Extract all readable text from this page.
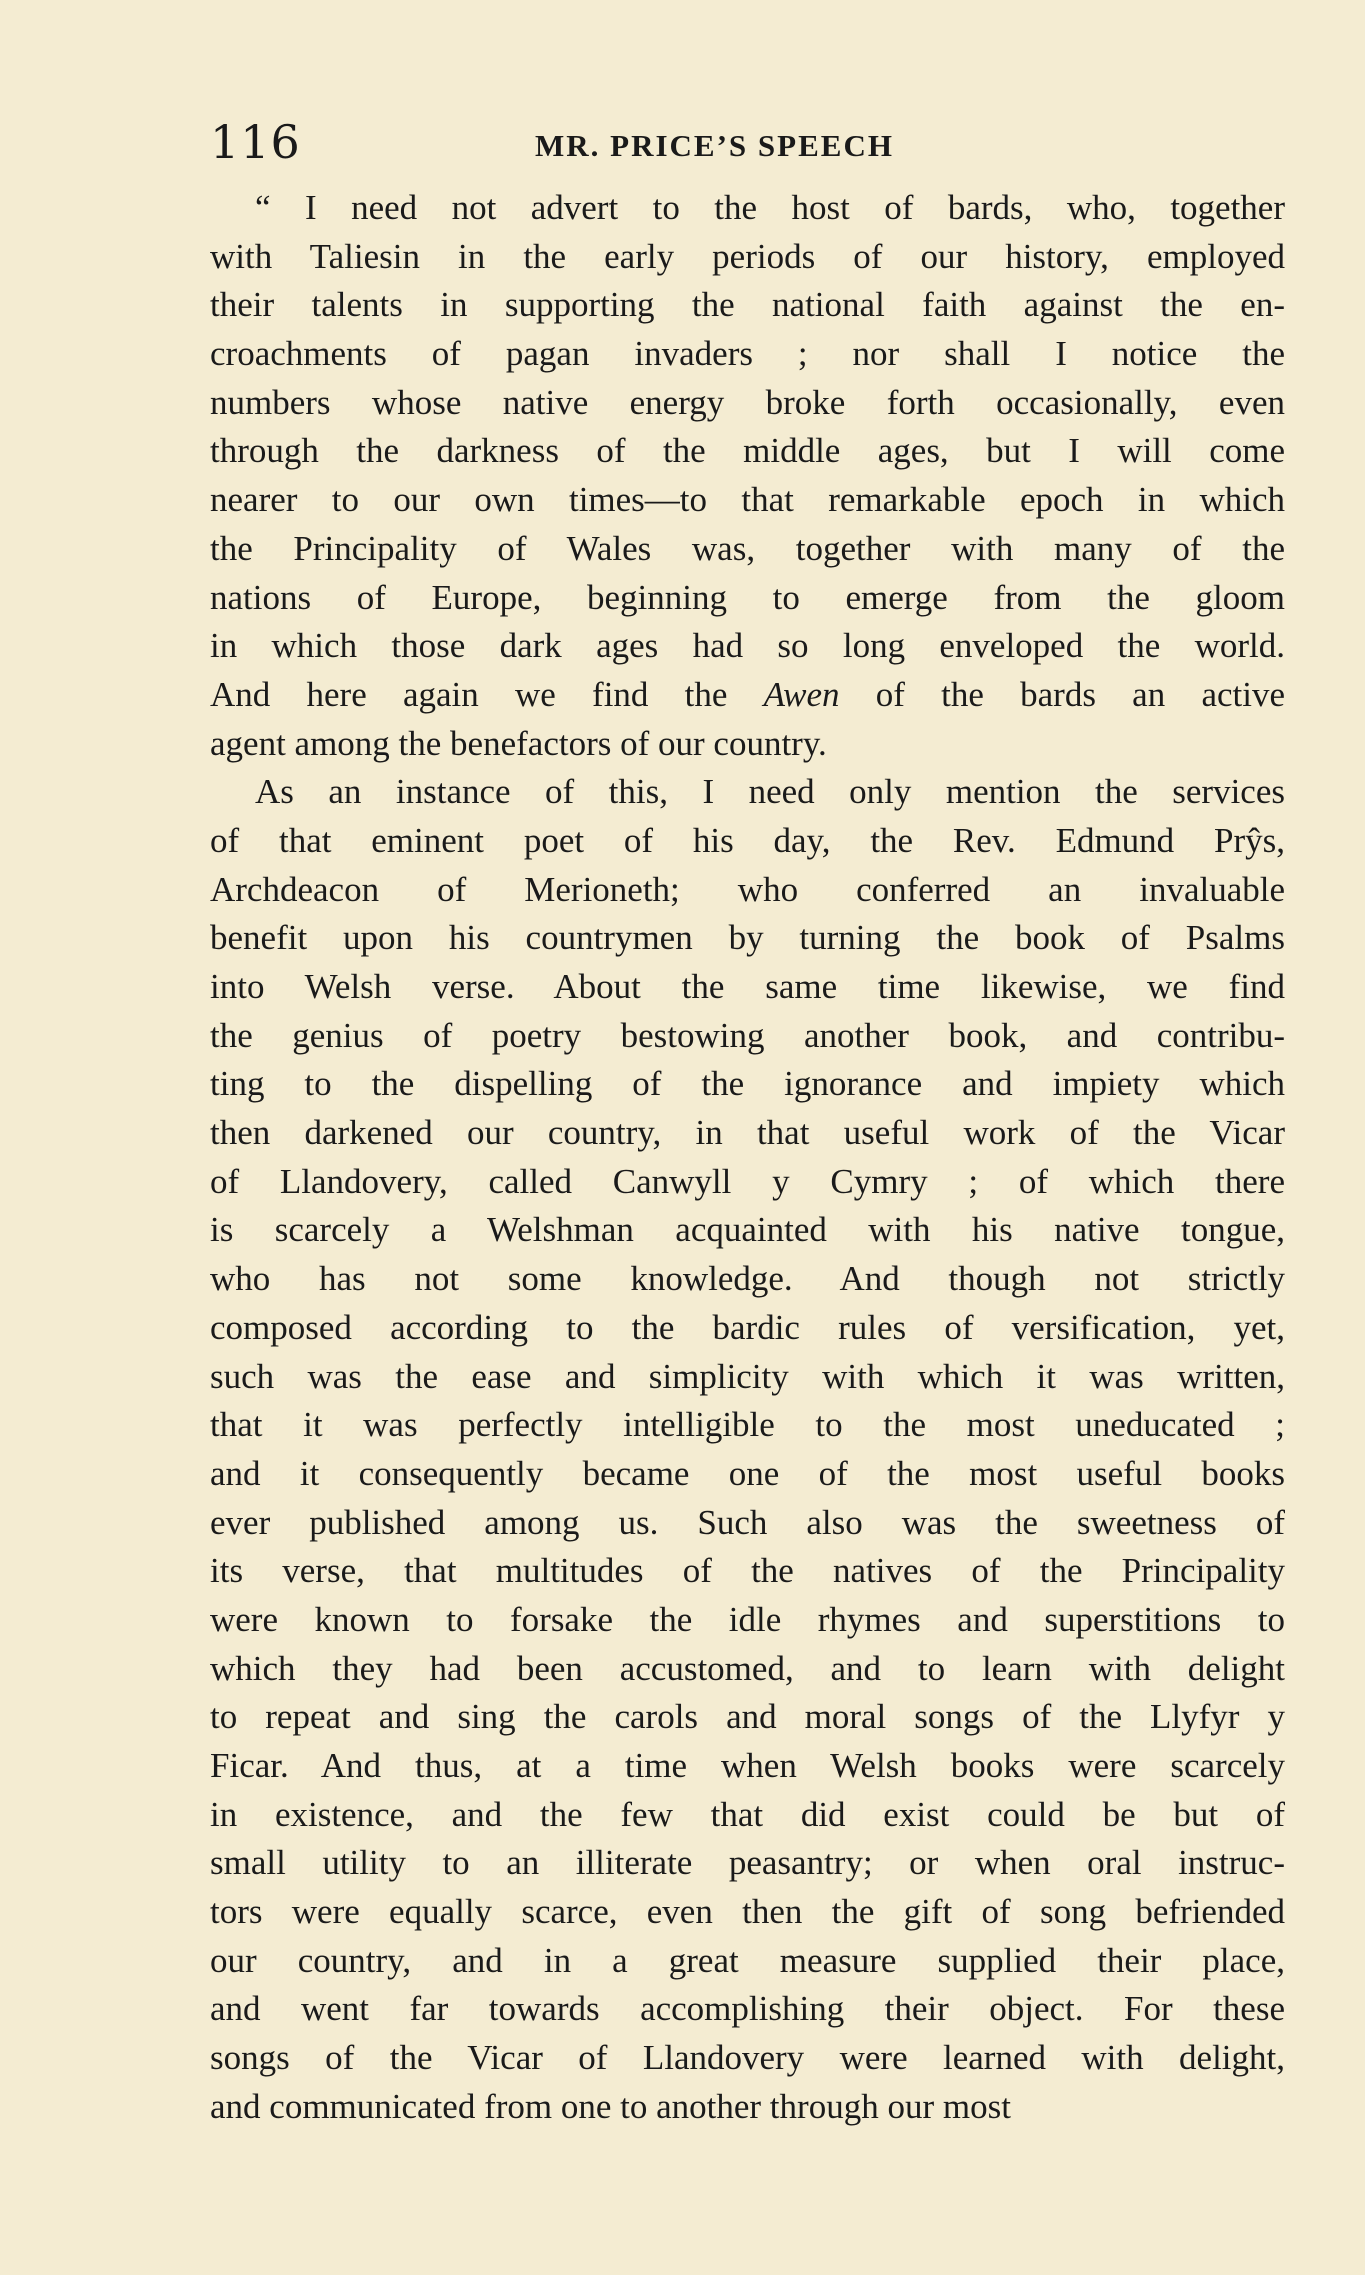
116	MR. PRICE’S SPEECH
“ I need not advert to the host of bards, who, together
with Taliesin in the early periods of our history, employed
their talents in supporting the national faith against the en-
croachments of pagan invaders ; nor shall I notice the
numbers whose native energy broke forth occasionally, even
through the darkness of the middle ages, but I will come
nearer to our own times—to that remarkable epoch in which
the Principality of Wales was, together with many of the
nations of Europe, beginning to emerge from the gloom
in which those dark ages had so long enveloped the world.
And here again we find the Awen of the bards an active
agent among the benefactors of our country.
As an instance of this, I need only mention the services
of that eminent poet of his day, the Rev. Edmund Prŷs,
Archdeacon of Merioneth; who conferred an invaluable
benefit upon his countrymen by turning the book of Psalms
into Welsh verse. About the same time likewise, we find
the genius of poetry bestowing another book, and contribu-
ting to the dispelling of the ignorance and impiety which
then darkened our country, in that useful work of the Vicar
of Llandovery, called Canwyll y Cymry ; of which there
is scarcely a Welshman acquainted with his native tongue,
who has not some knowledge. And though not strictly
composed according to the bardic rules of versification, yet,
such was the ease and simplicity with which it was written,
that it was perfectly intelligible to the most uneducated ;
and it consequently became one of the most useful books
ever published among us. Such also was the sweetness of
its verse, that multitudes of the natives of the Principality
were known to forsake the idle rhymes and superstitions to
which they had been accustomed, and to learn with delight
to repeat and sing the carols and moral songs of the Llyfyr y
Ficar. And thus, at a time when Welsh books were scarcely
in existence, and the few that did exist could be but of
small utility to an illiterate peasantry; or when oral instruc-
tors were equally scarce, even then the gift of song befriended
our country, and in a great measure supplied their place,
and went far towards accomplishing their object. For these
songs of the Vicar of Llandovery were learned with delight,
and communicated from one to another through our most
